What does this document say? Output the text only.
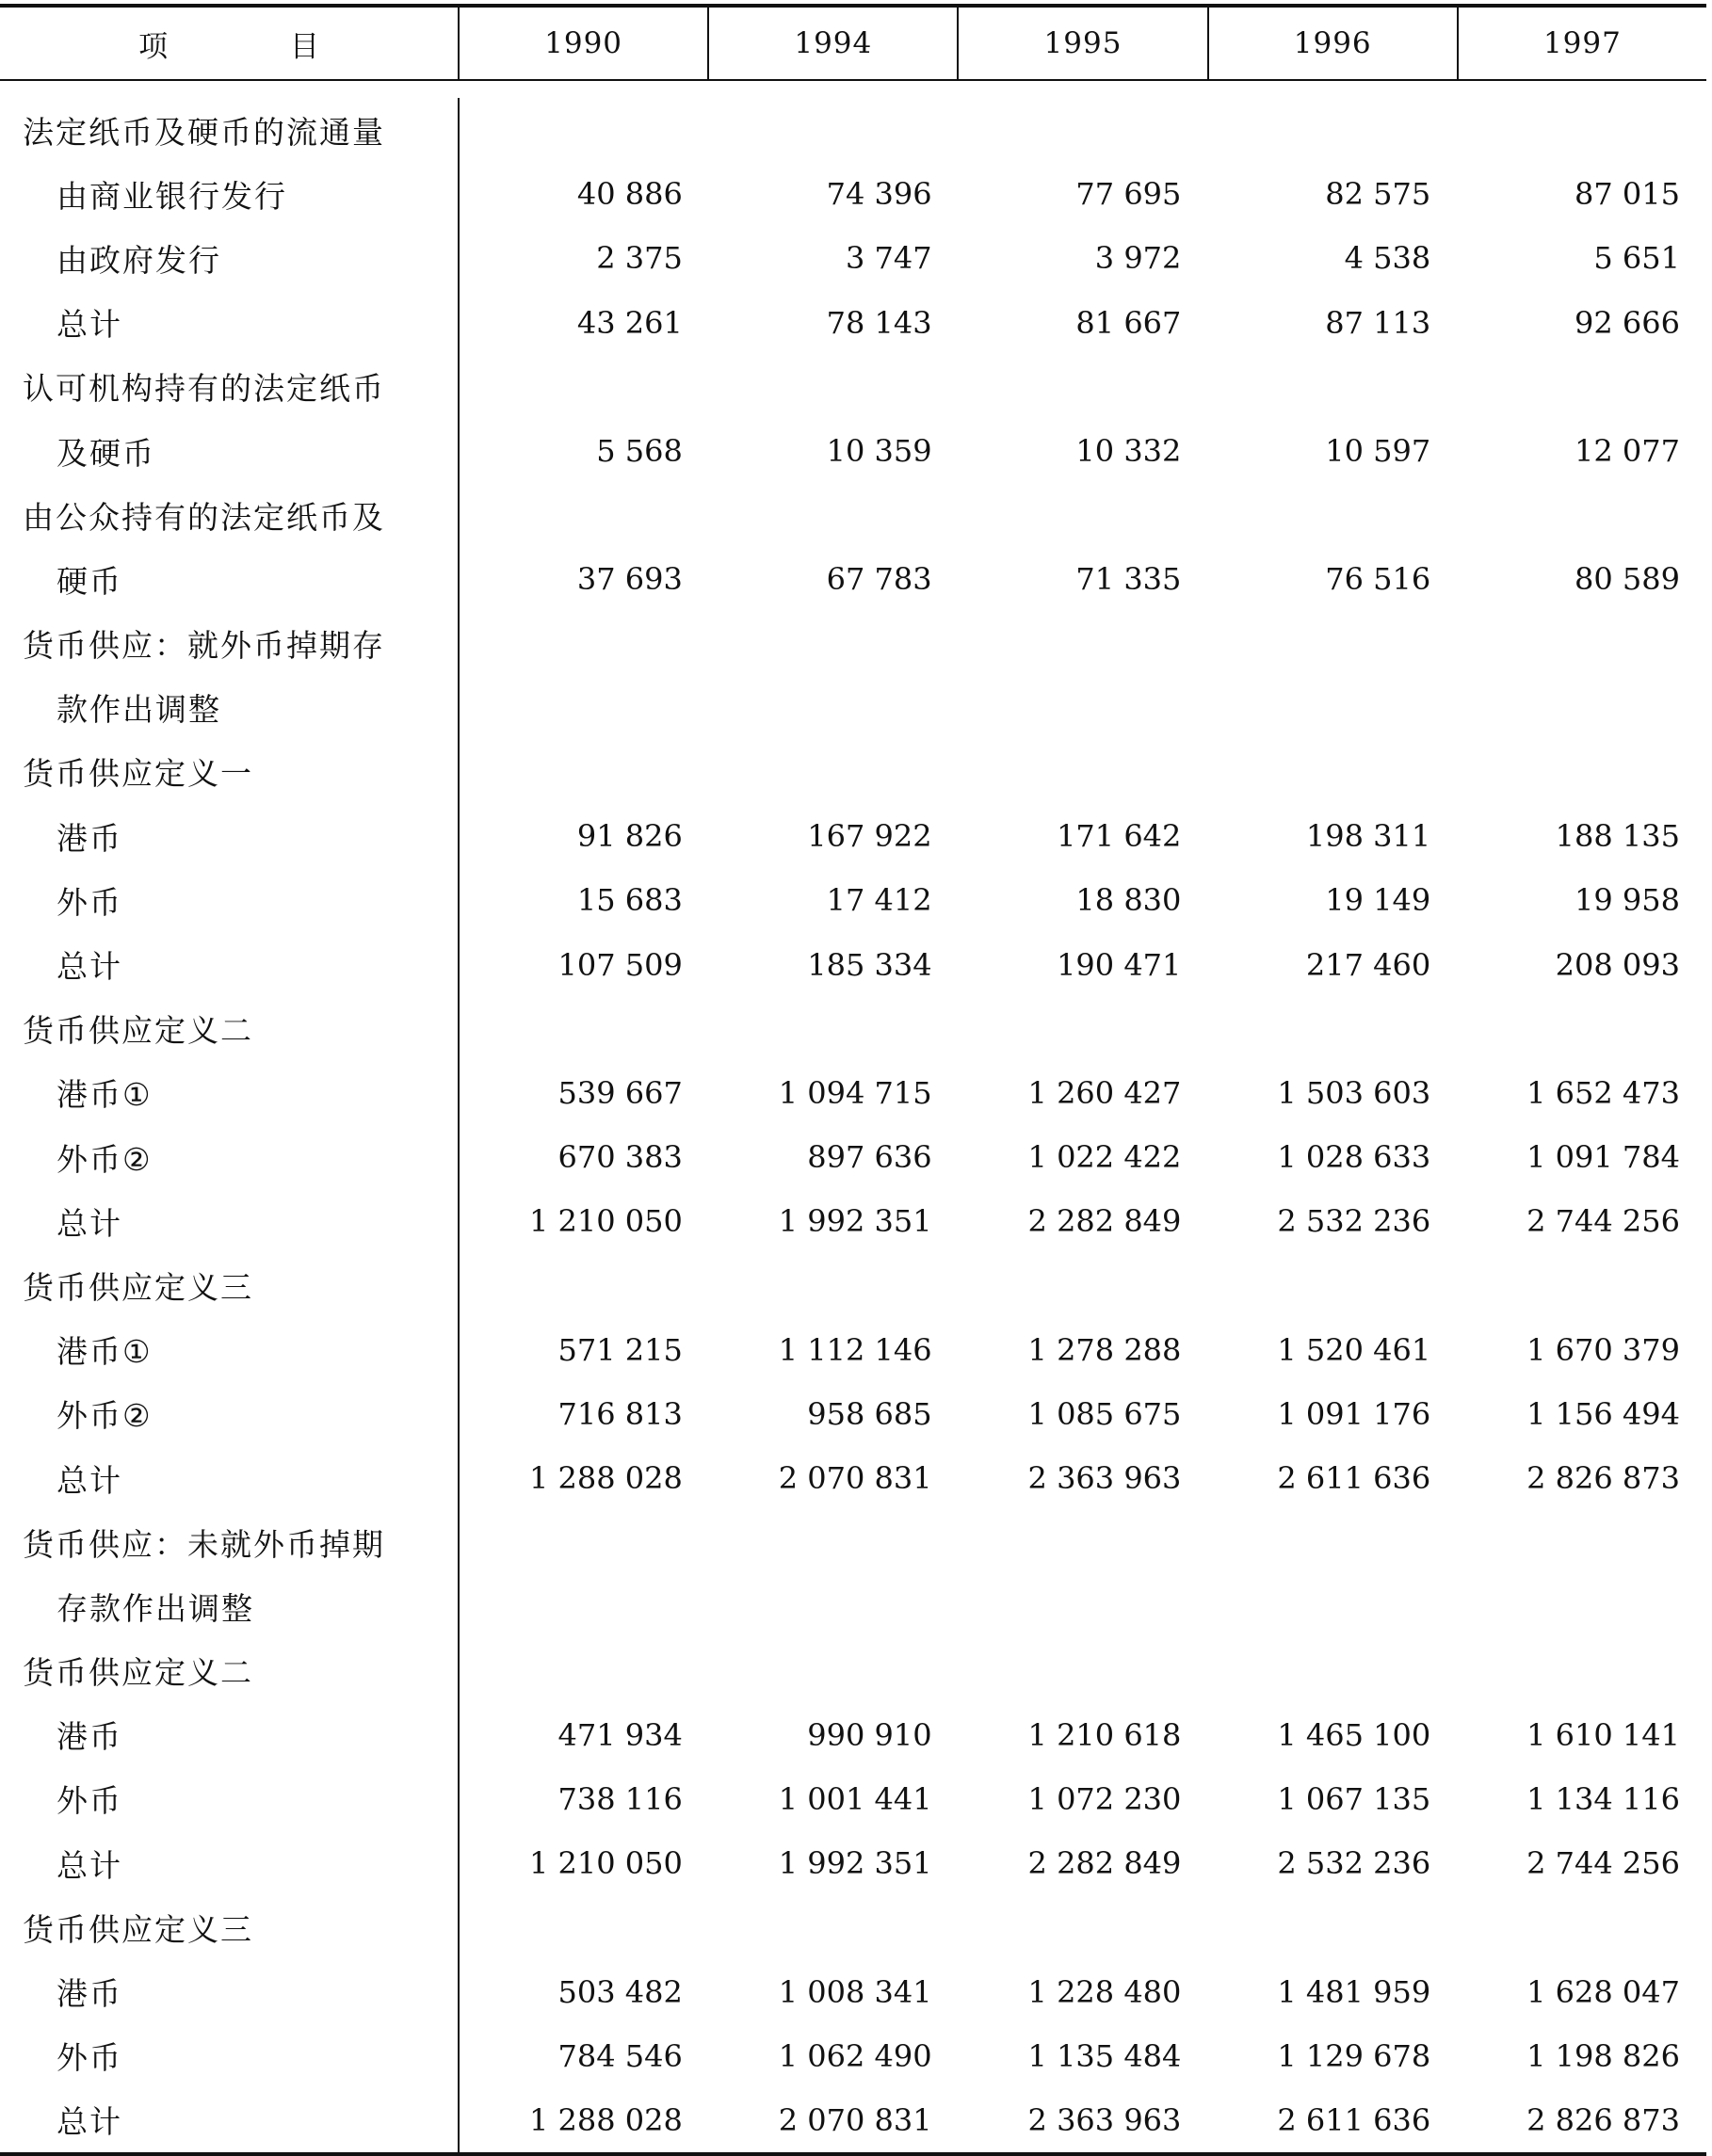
项 目	1990	1994	1995	1996	1997
法定纸币及硬币的流通量
由商业银行发行	40 886	74 396	77 695	82 575	87 015
由政府发行	2 375	3 747	3 972	4 538	5 651
总计	43 261	78 143	81 667	87 113	92 666
认可机构持有的法定纸币
及硬币	5 568	10 359	10 332	10 597	12 077
由公众持有的法定纸币及
硬币	37 693	67 783	71 335	76 516	80 589
货币供应：就外币掉期存
款作出调整
货币供应定义一
港币	91 826	167 922	171 642	198 311	188 135
外币	15 683	17 412	18 830	19 149	19 958
总计	107 509	185 334	190 471	217 460	208 093
货币供应定义二
港币①	539 667	1 094 715	1 260 427	1 503 603	1 652 473
外币②	670 383	897 636	1 022 422	1 028 633	1 091 784
总计	1 210 050	1 992 351	2 282 849	2 532 236	2 744 256
货币供应定义三
港币①	571 215	1 112 146	1 278 288	1 520 461	1 670 379
外币②	716 813	958 685	1 085 675	1 091 176	1 156 494
总计	1 288 028	2 070 831	2 363 963	2 611 636	2 826 873
货币供应：未就外币掉期
存款作出调整
货币供应定义二
港币	471 934	990 910	1 210 618	1 465 100	1 610 141
外币	738 116	1 001 441	1 072 230	1 067 135	1 134 116
总计	1 210 050	1 992 351	2 282 849	2 532 236	2 744 256
货币供应定义三
港币	503 482	1 008 341	1 228 480	1 481 959	1 628 047
外币	784 546	1 062 490	1 135 484	1 129 678	1 198 826
总计	1 288 028	2 070 831	2 363 963	2 611 636	2 826 873
